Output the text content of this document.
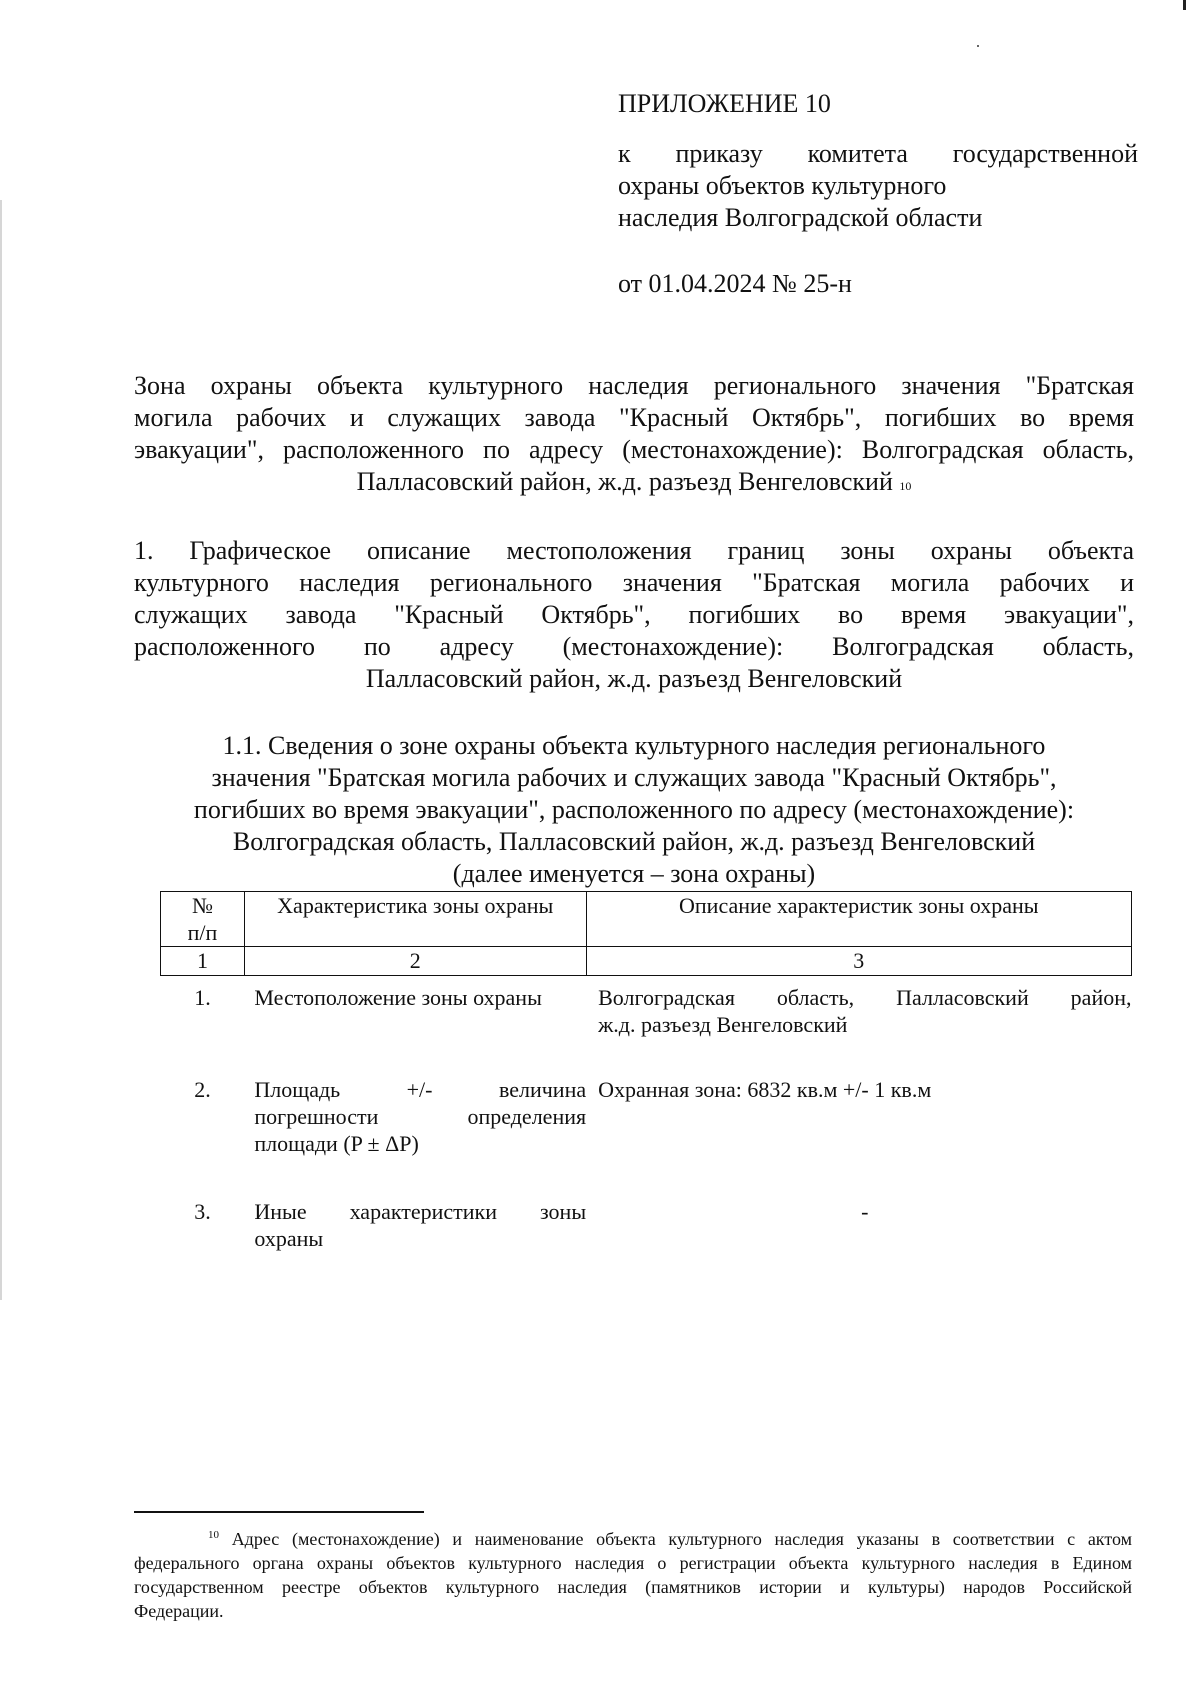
ПРИЛОЖЕНИЕ 10
к приказу комитета государственной
охраны объектов культурного
наследия Волгоградской области
от 01.04.2024 № 25-н
Зона охраны объекта культурного наследия регионального значения "Братская
могила рабочих и служащих завода "Красный Октябрь", погибших во время
эвакуации", расположенного по адресу (местонахождение): Волгоградская область,
Палласовский район, ж.д. разъезд Венгеловский $^{10}$
1. Графическое описание местоположения границ зоны охраны объекта
культурного наследия регионального значения "Братская могила рабочих и
служащих завода "Красный Октябрь", погибших во время эвакуации",
расположенного по адресу (местонахождение): Волгоградская область,
Палласовский район, ж.д. разъезд Венгеловский
1.1. Сведения о зоне охраны объекта культурного наследия регионального
значения "Братская могила рабочих и служащих завода "Красный Октябрь",
погибших во время эвакуации", расположенного по адресу (местонахождение):
Волгоградская область, Палласовский район, ж.д. разъезд Венгеловский
(далее именуется – зона охраны)
№
п/п	Характеристика зоны охраны	Описание характеристик зоны охраны
1	2	3
1.	Местоположение зоны охраны	Волгоградская область, Палласовский район,
ж.д. разъезд Венгеловский
2.	Площадь +/- величина
погрешности определения
площади (P ± ΔP)	Охранная зона: 6832 кв.м +/- 1 кв.м
3.	Иные характеристики зоны
охраны	-
$^{10}$ Адрес (местонахождение) и наименование объекта культурного наследия указаны в соответствии с актом
федерального органа охраны объектов культурного наследия о регистрации объекта культурного наследия в Едином
государственном реестре объектов культурного наследия (памятников истории и культуры) народов Российской
Федерации.
